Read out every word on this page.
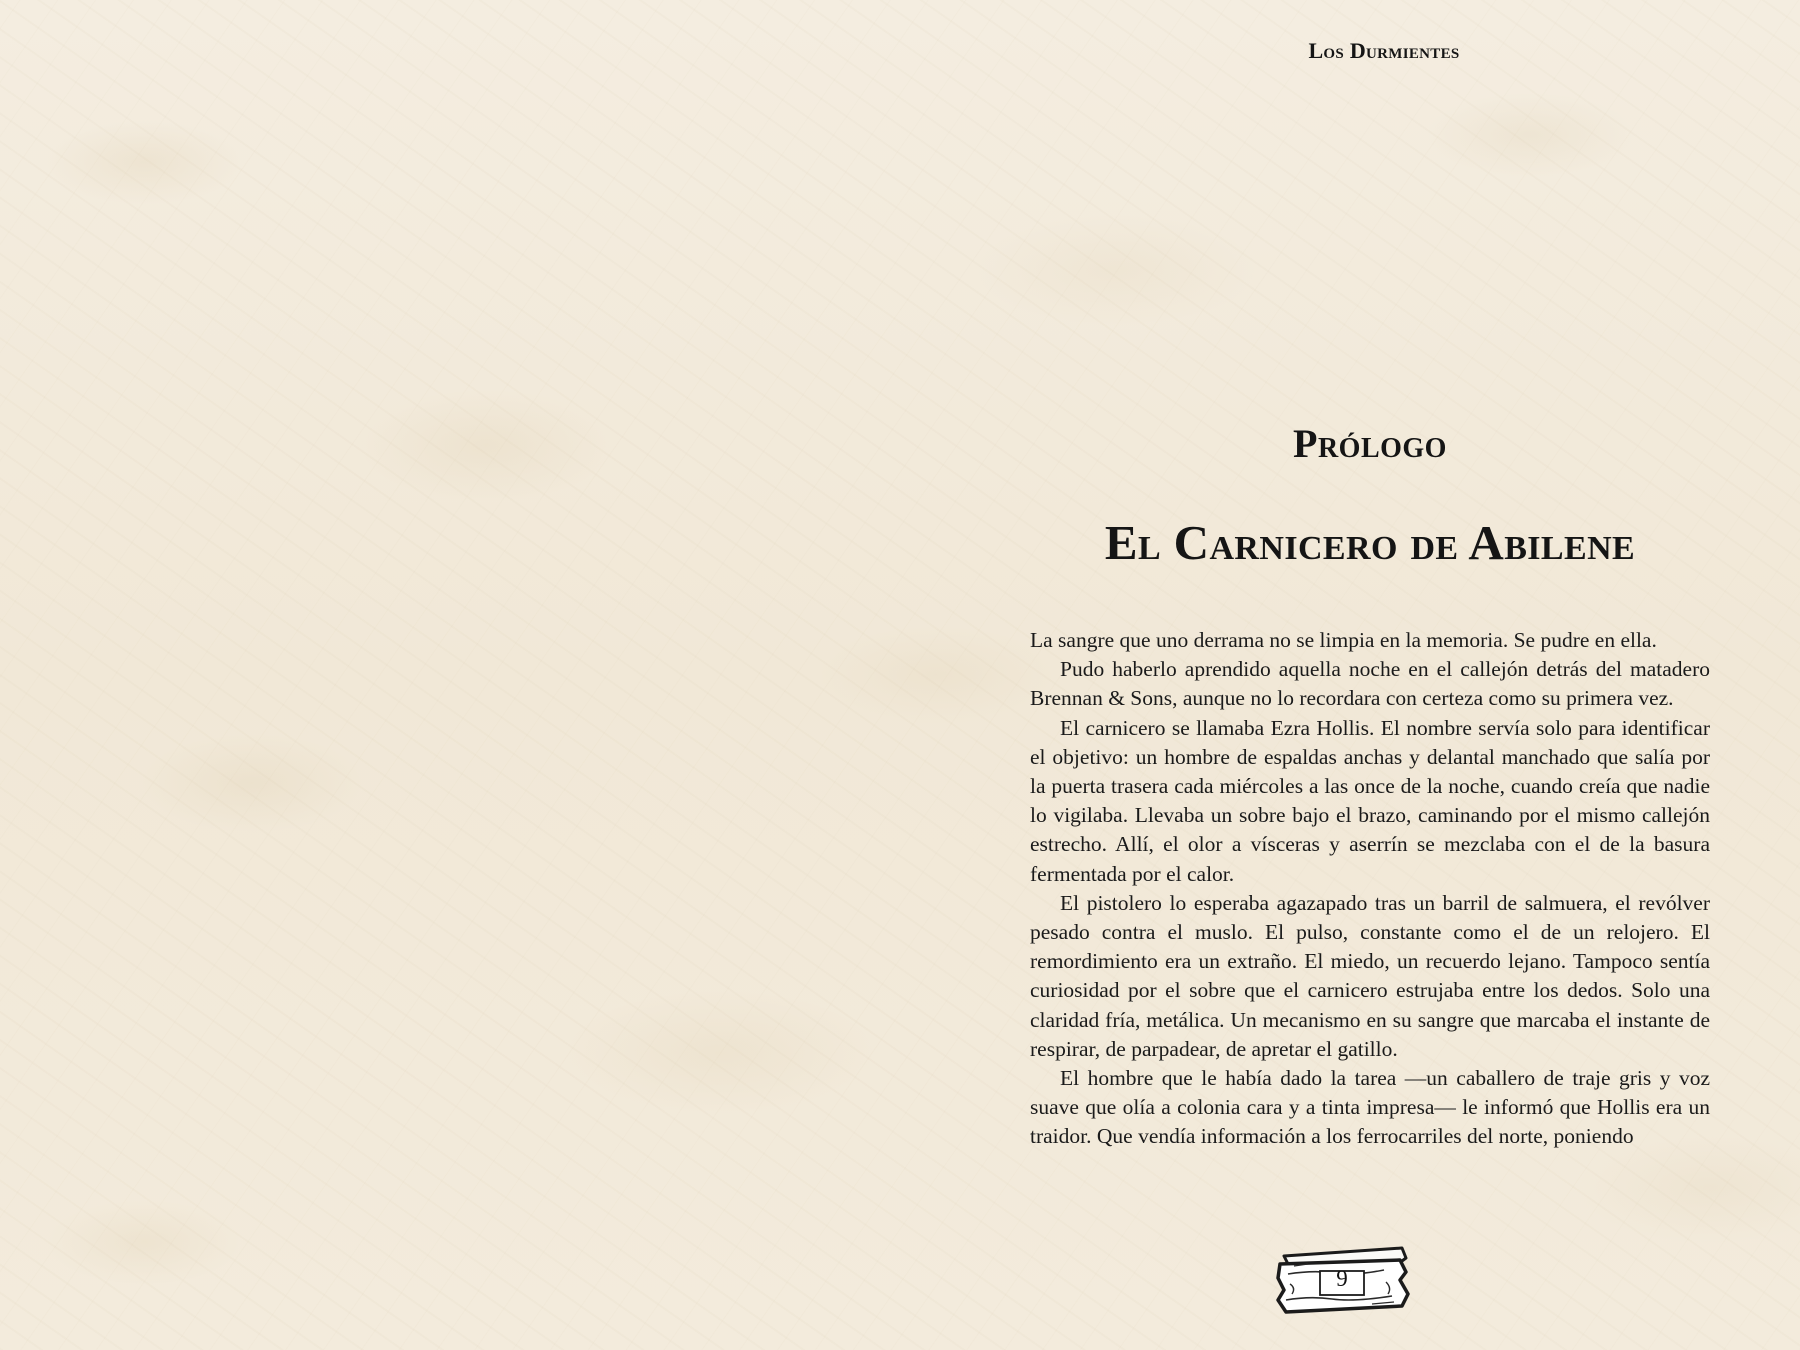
Los Durmientes
Prólogo
El Carnicero de Abilene

La sangre que uno derrama no se limpia en la memoria. Se pudre en ella.

Pudo haberlo aprendido aquella noche en el callejón detrás del matadero Brennan & Sons, aunque no lo recordara con certeza como su primera vez.

El carnicero se llamaba Ezra Hollis. El nombre servía solo para identificar el objetivo: un hombre de espaldas anchas y delantal manchado que salía por la puerta trasera cada miércoles a las once de la noche, cuando creía que nadie lo vigilaba. Llevaba un sobre bajo el brazo, caminando por el mismo callejón estrecho. Allí, el olor a vísceras y aserrín se mezclaba con el de la basura fermentada por el calor.

El pistolero lo esperaba agazapado tras un barril de salmuera, el revólver pesado contra el muslo. El pulso, constante como el de un relojero. El remordimiento era un extraño. El miedo, un recuerdo lejano. Tampoco sentía curiosidad por el sobre que el carnicero estrujaba entre los dedos. Solo una claridad fría, metálica. Un mecanismo en su sangre que marcaba el instante de respirar, de parpadear, de apretar el gatillo.

El hombre que le había dado la tarea —un caballero de traje gris y voz suave que olía a colonia cara y a tinta impresa— le informó que Hollis era un traidor. Que vendía información a los ferrocarriles del norte, poniendo

9
